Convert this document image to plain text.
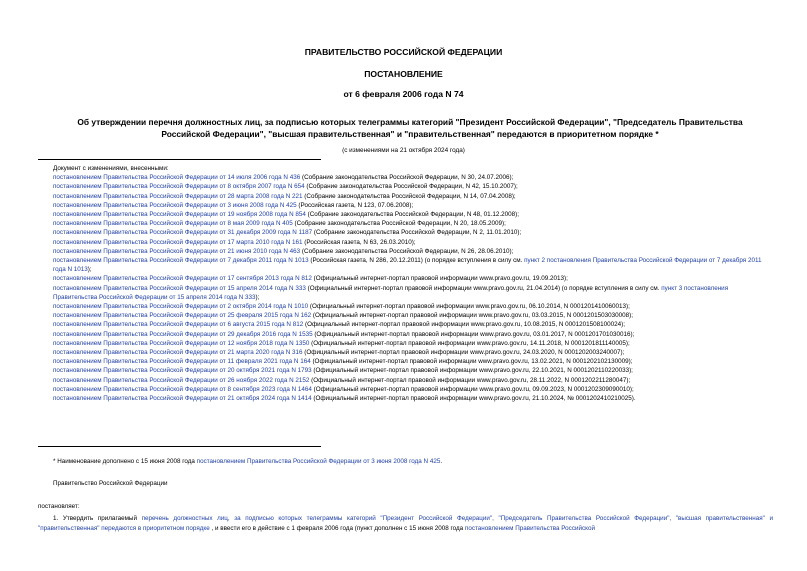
ПРАВИТЕЛЬСТВО РОССИЙСКОЙ ФЕДЕРАЦИИ
ПОСТАНОВЛЕНИЕ
от 6 февраля 2006 года N 74
Об утверждении перечня должностных лиц, за подписью которых телеграммы категорий "Президент Российской Федерации", "Председатель Правительства Российской Федерации", "высшая правительственная" и "правительственная" передаются в приоритетном порядке *
(с изменениями на 21 октября 2024 года)
Документ с изменениями, внесенными:
постановлением Правительства Российской Федерации от 14 июля 2006 года N 436 (Собрание законодательства Российской Федерации, N 30, 24.07.2006);
постановлением Правительства Российской Федерации от 8 октября 2007 года N 654 (Собрание законодательства Российской Федерации, N 42, 15.10.2007);
постановлением Правительства Российской Федерации от 28 марта 2008 года N 221 (Собрание законодательства Российской Федерации, N 14, 07.04.2008);
постановлением Правительства Российской Федерации от 3 июня 2008 года N 425 (Российская газета, N 123, 07.06.2008);
постановлением Правительства Российской Федерации от 19 ноября 2008 года N 854 (Собрание законодательства Российской Федерации, N 48, 01.12.2008);
постановлением Правительства Российской Федерации от 8 мая 2009 года N 405 (Собрание законодательства Российской Федерации, N 20, 18.05.2009);
постановлением Правительства Российской Федерации от 31 декабря 2009 года N 1187 (Собрание законодательства Российской Федерации, N 2, 11.01.2010);
постановлением Правительства Российской Федерации от 17 марта 2010 года N 161 (Российская газета, N 63, 26.03.2010);
постановлением Правительства Российской Федерации от 21 июня 2010 года N 463 (Собрание законодательства Российской Федерации, N 26, 28.06.2010);
постановлением Правительства Российской Федерации от 7 декабря 2011 года N 1013 (Российская газета, N 286, 20.12.2011) (о порядке вступления в силу см. пункт 2 постановления Правительства Российской Федерации от 7 декабря 2011 года N 1013);
постановлением Правительства Российской Федерации от 17 сентября 2013 года N 812 (Официальный интернет-портал правовой информации www.pravo.gov.ru, 19.09.2013);
постановлением Правительства Российской Федерации от 15 апреля 2014 года N 333 (Официальный интернет-портал правовой информации www.pravo.gov.ru, 21.04.2014) (о порядке вступления в силу см. пункт 3 постановления Правительства Российской Федерации от 15 апреля 2014 года N 333);
постановлением Правительства Российской Федерации от 2 октября 2014 года N 1010 (Официальный интернет-портал правовой информации www.pravo.gov.ru, 06.10.2014, N 0001201410060013);
постановлением Правительства Российской Федерации от 25 февраля 2015 года N 162 (Официальный интернет-портал правовой информации www.pravo.gov.ru, 03.03.2015, N 0001201503030008);
постановлением Правительства Российской Федерации от 6 августа 2015 года N 812 (Официальный интернет-портал правовой информации www.pravo.gov.ru, 10.08.2015, N 0001201508100024);
постановлением Правительства Российской Федерации от 29 декабря 2016 года N 1535 (Официальный интернет-портал правовой информации www.pravo.gov.ru, 03.01.2017, N 0001201701030016);
постановлением Правительства Российской Федерации от 12 ноября 2018 года N 1350 (Официальный интернет-портал правовой информации www.pravo.gov.ru, 14.11.2018, N 0001201811140005);
постановлением Правительства Российской Федерации от 21 марта 2020 года N 316 (Официальный интернет-портал правовой информации www.pravo.gov.ru, 24.03.2020, N 0001202003240007);
постановлением Правительства Российской Федерации от 11 февраля 2021 года N 164 (Официальный интернет-портал правовой информации www.pravo.gov.ru, 13.02.2021, N 0001202102130009);
постановлением Правительства Российской Федерации от 20 октября 2021 года N 1793 (Официальный интернет-портал правовой информации www.pravo.gov.ru, 22.10.2021, N 0001202110220033);
постановлением Правительства Российской Федерации от 26 ноября 2022 года N 2152 (Официальный интернет-портал правовой информации www.pravo.gov.ru, 28.11.2022, N 0001202211280047);
постановлением Правительства Российской Федерации от 8 сентября 2023 года N 1464 (Официальный интернет-портал правовой информации www.pravo.gov.ru, 09.09.2023, N 0001202309090010);
постановлением Правительства Российской Федерации от 21 октября 2024 года N 1414 (Официальный интернет-портал правовой информации www.pravo.gov.ru, 21.10.2024, № 0001202410210025).
* Наименование дополнено с 15 июня 2008 года постановлением Правительства Российской Федерации от 3 июня 2008 года N 425.
Правительство Российской Федерации
постановляет:
1. Утвердить прилагаемый перечень должностных лиц, за подписью которых телеграммы категорий "Президент Российской Федерации", "Председатель Правительства Российской Федерации", "высшая правительственная" и "правительственная" передаются в приоритетном порядке , и ввести его в действие с 1 февраля 2006 года (пункт дополнен с 15 июня 2008 года постановлением Правительства Российской
